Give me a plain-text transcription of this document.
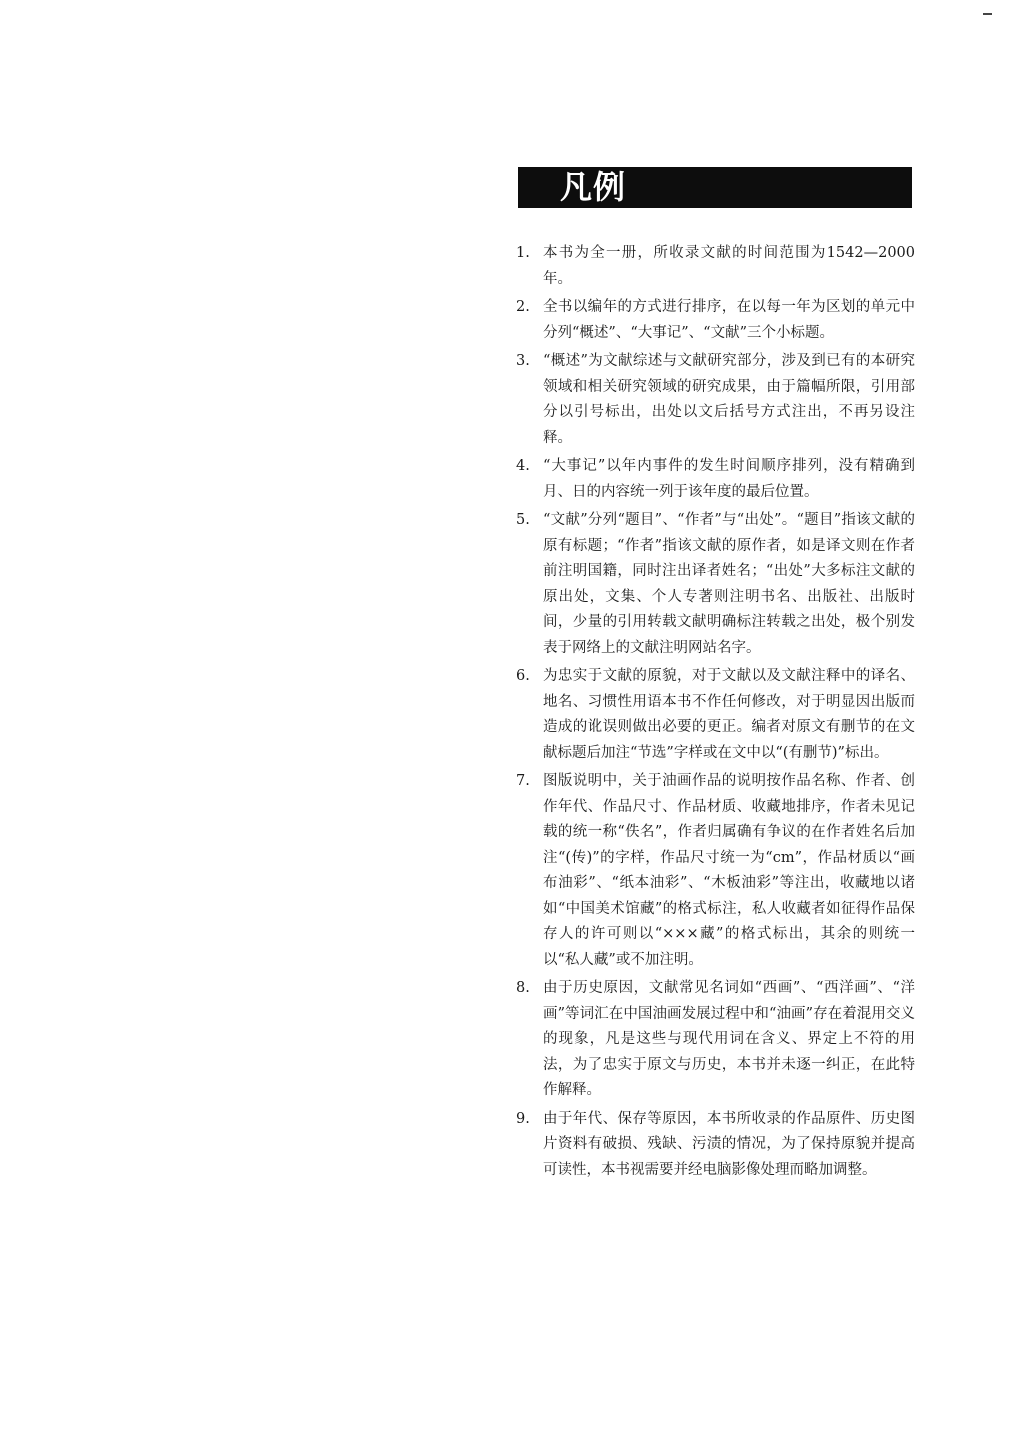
凡例
1. 本书为全一册，所收录文献的时间范围为1542—2000年。
2. 全书以编年的方式进行排序，在以每一年为区划的单元中分列“概述”、“大事记”、“文献”三个小标题。
3. “概述”为文献综述与文献研究部分，涉及到已有的本研究领域和相关研究领域的研究成果，由于篇幅所限，引用部分以引号标出，出处以文后括号方式注出，不再另设注释。
4. “大事记”以年内事件的发生时间顺序排列，没有精确到月、日的内容统一列于该年度的最后位置。
5. “文献”分列“题目”、“作者”与“出处”。“题目”指该文献的原有标题；“作者”指该文献的原作者，如是译文则在作者前注明国籍，同时注出译者姓名；“出处”大多标注文献的原出处，文集、个人专著则注明书名、出版社、出版时间，少量的引用转载文献明确标注转载之出处，极个别发表于网络上的文献注明网站名字。
6. 为忠实于文献的原貌，对于文献以及文献注释中的译名、地名、习惯性用语本书不作任何修改，对于明显因出版而造成的讹误则做出必要的更正。编者对原文有删节的在文献标题后加注“节选”字样或在文中以“(有删节)”标出。
7. 图版说明中，关于油画作品的说明按作品名称、作者、创作年代、作品尺寸、作品材质、收藏地排序，作者未见记载的统一称“佚名”，作者归属确有争议的在作者姓名后加注“(传)”的字样，作品尺寸统一为“cm”，作品材质以“画布油彩”、“纸本油彩”、“木板油彩”等注出，收藏地以诸如“中国美术馆藏”的格式标注，私人收藏者如征得作品保存人的许可则以“×××藏”的格式标出，其余的则统一以“私人藏”或不加注明。
8. 由于历史原因，文献常见名词如“西画”、“西洋画”、“洋画”等词汇在中国油画发展过程中和“油画”存在着混用交义的现象，凡是这些与现代用词在含义、界定上不符的用法，为了忠实于原文与历史，本书并未逐一纠正，在此特作解释。
9. 由于年代、保存等原因，本书所收录的作品原件、历史图片资料有破损、残缺、污渍的情况，为了保持原貌并提高可读性，本书视需要并经电脑影像处理而略加调整。
